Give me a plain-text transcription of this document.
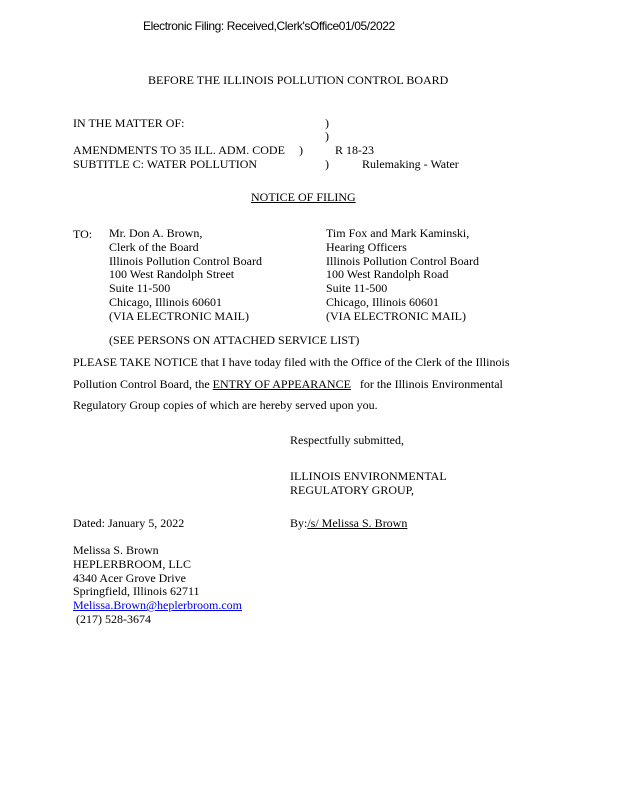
Electronic Filing: Received,Clerk'sOffice01/05/2022
BEFORE THE ILLINOIS POLLUTION CONTROL BOARD
IN THE MATTER OF:	)
)
AMENDMENTS TO 35 ILL. ADM. CODE )	R 18-23
SUBTITLE C: WATER POLLUTION	)	Rulemaking - Water
NOTICE OF FILING
TO: Mr. Don A. Brown,
Clerk of the Board
Illinois Pollution Control Board
100 West Randolph Street
Suite 11-500
Chicago, Illinois 60601
(VIA ELECTRONIC MAIL)
Tim Fox and Mark Kaminski,
Hearing Officers
Illinois Pollution Control Board
100 West Randolph Road
Suite 11-500
Chicago, Illinois 60601
(VIA ELECTRONIC MAIL)
(SEE PERSONS ON ATTACHED SERVICE LIST)
PLEASE TAKE NOTICE that I have today filed with the Office of the Clerk of the Illinois
Pollution Control Board, the ENTRY OF APPEARANCE for the Illinois Environmental
Regulatory Group copies of which are hereby served upon you.
Respectfully submitted,
ILLINOIS ENVIRONMENTAL
REGULATORY GROUP,
Dated: January 5, 2022	By:/s/ Melissa S. Brown
Melissa S. Brown
HEPLERBROOM, LLC
4340 Acer Grove Drive
Springfield, Illinois 62711
Melissa.Brown@heplerbroom.com
(217) 528-3674
